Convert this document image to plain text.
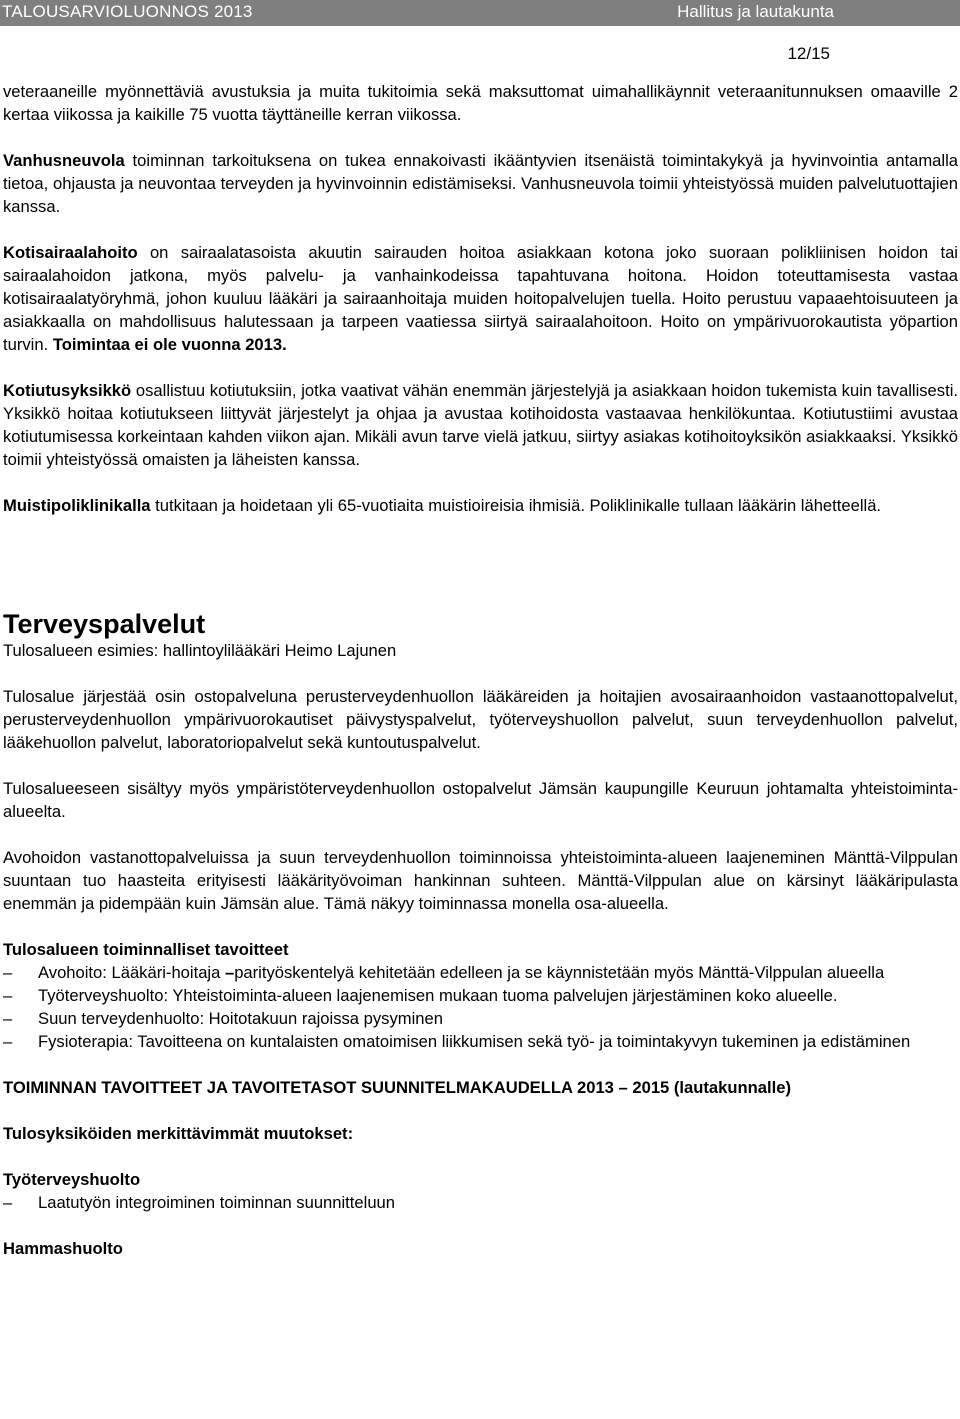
TALOUSARVIOLUONNOS 2013	Hallitus ja lautakunta
12/15

veteraaneille myönnettäviä avustuksia ja muita tukitoimia sekä maksuttomat uimahallikäynnit veteraanitunnuksen omaaville 2 kertaa viikossa ja kaikille 75 vuotta täyttäneille kerran viikossa.

Vanhusneuvola toiminnan tarkoituksena on tukea ennakoivasti ikääntyvien itsenäistä toimintakykyä ja hyvinvointia antamalla tietoa, ohjausta ja neuvontaa terveyden ja hyvinvoinnin edistämiseksi. Vanhusneuvola toimii yhteistyössä muiden palvelutuottajien kanssa.

Kotisairaalahoito on sairaalatasoista akuutin sairauden hoitoa asiakkaan kotona joko suoraan polikliinisen hoidon tai sairaalahoidon jatkona, myös palvelu- ja vanhainkodeissa tapahtuvana hoitona. Hoidon toteuttamisesta vastaa kotisairaalatyöryhmä, johon kuuluu lääkäri ja sairaanhoitaja muiden hoitopalvelujen tuella. Hoito perustuu vapaaehtoisuuteen ja asiakkaalla on mahdollisuus halutessaan ja tarpeen vaatiessa siirtyä sairaalahoitoon. Hoito on ympärivuorokautista yöpartion turvin. Toimintaa ei ole vuonna 2013.

Kotiutusyksikkö osallistuu kotiutuksiin, jotka vaativat vähän enemmän järjestelyjä ja asiakkaan hoidon tukemista kuin tavallisesti. Yksikkö hoitaa kotiutukseen liittyvät järjestelyt ja ohjaa ja avustaa kotihoidosta vastaavaa henkilökuntaa. Kotiutustiimi avustaa kotiutumisessa korkeintaan kahden viikon ajan. Mikäli avun tarve vielä jatkuu, siirtyy asiakas kotihoitoyksikön asiakkaaksi. Yksikkö toimii yhteistyössä omaisten ja läheisten kanssa.

Muistipoliklinikalla tutkitaan ja hoidetaan yli 65-vuotiaita muistioireisia ihmisiä. Poliklinikalle tullaan lääkärin lähetteellä.

Terveyspalvelut

Tulosalueen esimies: hallintoylilääkäri Heimo Lajunen

Tulosalue järjestää osin ostopalveluna perusterveydenhuollon lääkäreiden ja hoitajien avosairaanhoidon vastaanottopalvelut, perusterveydenhuollon ympärivuorokautiset päivystyspalvelut, työterveyshuollon palvelut, suun terveydenhuollon palvelut, lääkehuollon palvelut, laboratoriopalvelut sekä kuntoutuspalvelut.

Tulosalueeseen sisältyy myös ympäristöterveydenhuollon ostopalvelut Jämsän kaupungille Keuruun johtamalta yhteistoiminta-alueelta.

Avohoidon vastanottopalveluissa ja suun terveydenhuollon toiminnoissa yhteistoiminta-alueen laajeneminen Mänttä-Vilppulan suuntaan tuo haasteita erityisesti lääkärityövoiman hankinnan suhteen. Mänttä-Vilppulan alue on kärsinyt lääkäripulasta enemmän ja pidempään kuin Jämsän alue. Tämä näkyy toiminnassa monella osa-alueella.

Tulosalueen toiminnalliset tavoitteet

– Avohoito: Lääkäri-hoitaja –parityöskentelyä kehitetään edelleen ja se käynnistetään myös Mänttä-Vilppulan alueella
– Työterveyshuolto: Yhteistoiminta-alueen laajenemisen mukaan tuoma palvelujen järjestäminen koko alueelle.
– Suun terveydenhuolto: Hoitotakuun rajoissa pysyminen
– Fysioterapia: Tavoitteena on kuntalaisten omatoimisen liikkumisen sekä työ- ja toimintakyvyn tukeminen ja edistäminen

TOIMINNAN TAVOITTEET JA TAVOITETASOT SUUNNITELMAKAUDELLA 2013 – 2015 (lautakunnalle)

Tulosyksiköiden merkittävimmät muutokset:

Työterveyshuolto

– Laatutyön integroiminen toiminnan suunnitteluun

Hammashuolto
